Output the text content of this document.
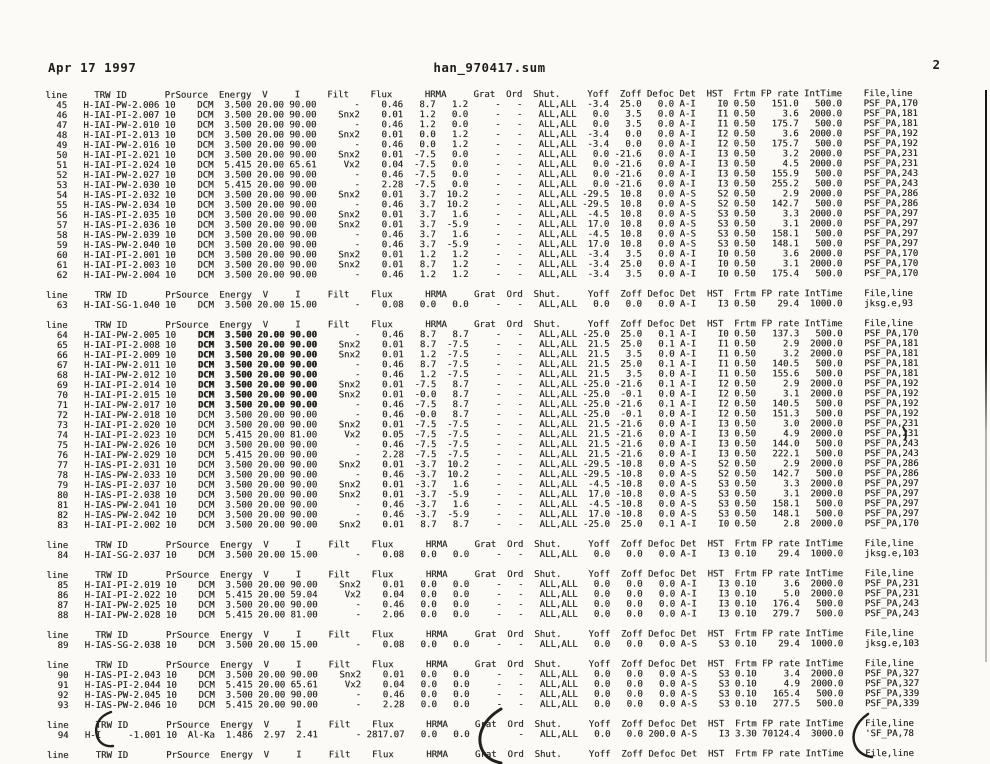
Apr 17 1997	han_970417.sum	2
line     TRW ID       PrSource  Energy  V     I     Filt    Flux      HRMA     Grat  Ord  Shut.     Yoff  Zoff Defoc Det  HST  Frtm FP rate IntTime    File,line
45   H-IAI-PW-2.006 10    DCM  3.500 20.00 90.00       -    0.46   8.7   1.2     -   -   ALL,ALL  -3.4  25.0   0.0 A-I    I0 0.50   151.0   500.0    PSF_PA,170
46   H-IAI-PI-2.007 10    DCM  3.500 20.00 90.00    Snx2    0.01   1.2   0.0     -   -   ALL,ALL   0.0   3.5   0.0 A-I    I1 0.50     3.6  2000.0    PSF_PA,181
47   H-IAI-PW-2.010 10    DCM  3.500 20.00 90.00       -    0.46   1.2   0.0     -   -   ALL,ALL   0.0   3.5   0.0 A-I    I1 0.50   175.7   500.0    PSF_PA,181
48   H-IAI-PI-2.013 10    DCM  3.500 20.00 90.00    Snx2    0.01   0.0   1.2     -   -   ALL,ALL  -3.4   0.0   0.0 A-I    I2 0.50     3.6  2000.0    PSF_PA,192
49   H-IAI-PW-2.016 10    DCM  3.500 20.00 90.00       -    0.46   0.0   1.2     -   -   ALL,ALL  -3.4   0.0   0.0 A-I    I2 0.50   175.7   500.0    PSF_PA,192
50   H-IAI-PI-2.021 10    DCM  3.500 20.00 90.00    Snx2    0.01  -7.5   0.0     -   -   ALL,ALL   0.0 -21.6   0.0 A-I    I3 0.50     3.2  2000.0    PSF_PA,231
51   H-IAI-PI-2.024 10    DCM  5.415 20.00 65.61     Vx2    0.04  -7.5   0.0     -   -   ALL,ALL   0.0 -21.6   0.0 A-I    I3 0.50     4.5  2000.0    PSF_PA,231
52   H-IAI-PW-2.027 10    DCM  3.500 20.00 90.00       -    0.46  -7.5   0.0     -   -   ALL,ALL   0.0 -21.6   0.0 A-I    I3 0.50   155.9   500.0    PSF_PA,243
53   H-IAI-PW-2.030 10    DCM  5.415 20.00 90.00       -    2.28  -7.5   0.0     -   -   ALL,ALL   0.0 -21.6   0.0 A-I    I3 0.50   255.2   500.0    PSF_PA,243
54   H-IAS-PI-2.032 10    DCM  3.500 20.00 90.00    Snx2    0.01   3.7  10.2     -   -   ALL,ALL -29.5  10.8   0.0 A-S    S2 0.50     2.9  2000.0    PSF_PA,286
55   H-IAS-PW-2.034 10    DCM  3.500 20.00 90.00       -    0.46   3.7  10.2     -   -   ALL,ALL -29.5  10.8   0.0 A-S    S2 0.50   142.7   500.0    PSF_PA,286
56   H-IAS-PI-2.035 10    DCM  3.500 20.00 90.00    Snx2    0.01   3.7   1.6     -   -   ALL,ALL  -4.5  10.8   0.0 A-S    S3 0.50     3.3  2000.0    PSF_PA,297
57   H-IAS-PI-2.036 10    DCM  3.500 20.00 90.00    Snx2    0.01   3.7  -5.9     -   -   ALL,ALL  17.0  10.8   0.0 A-S    S3 0.50     3.1  2000.0    PSF_PA,297
58   H-IAS-PW-2.039 10    DCM  3.500 20.00 90.00       -    0.46   3.7   1.6     -   -   ALL,ALL  -4.5  10.8   0.0 A-S    S3 0.50   158.1   500.0    PSF_PA,297
59   H-IAS-PW-2.040 10    DCM  3.500 20.00 90.00       -    0.46   3.7  -5.9     -   -   ALL,ALL  17.0  10.8   0.0 A-S    S3 0.50   148.1   500.0    PSF_PA,297
60   H-IAI-PI-2.001 10    DCM  3.500 20.00 90.00    Snx2    0.01   1.2   1.2     -   -   ALL,ALL  -3.4   3.5   0.0 A-I    I0 0.50     3.6  2000.0    PSF_PA,170
61   H-IAI-PI-2.003 10    DCM  3.500 20.00 90.00    Snx2    0.01   8.7   1.2     -   -   ALL,ALL  -3.4  25.0   0.0 A-I    I0 0.50     3.1  2000.0    PSF_PA,170
62   H-IAI-PW-2.004 10    DCM  3.500 20.00 90.00       -    0.46   1.2   1.2     -   -   ALL,ALL  -3.4   3.5   0.0 A-I    I0 0.50   175.4   500.0    PSF_PA,170

line     TRW ID       PrSource  Energy  V     I     Filt    Flux      HRMA     Grat  Ord  Shut.     Yoff  Zoff Defoc Det  HST  Frtm FP rate IntTime    File,line
63   H-IAI-SG-1.040 10    DCM  3.500 20.00 15.00       -    0.08   0.0   0.0     -   -   ALL,ALL   0.0   0.0   0.0 A-I    I3 0.50    29.4  1000.0    jksg.e,93

line     TRW ID       PrSource  Energy  V     I     Filt    Flux      HRMA     Grat  Ord  Shut.     Yoff  Zoff Defoc Det  HST  Frtm FP rate IntTime    File,line
64   H-IAI-PW-2.005 10    DCM  3.500 20.00 90.00       -    0.46   8.7   8.7     -   -   ALL,ALL -25.0  25.0   0.1 A-I    I0 0.50   137.3   500.0    PSF_PA,170
65   H-IAI-PI-2.008 10    DCM  3.500 20.00 90.00    Snx2    0.01   8.7  -7.5     -   -   ALL,ALL  21.5  25.0   0.1 A-I    I1 0.50     2.9  2000.0    PSF_PA,181
66   H-IAI-PI-2.009 10    DCM  3.500 20.00 90.00    Snx2    0.01   1.2  -7.5     -   -   ALL,ALL  21.5   3.5   0.0 A-I    I1 0.50     3.2  2000.0    PSF_PA,181
67   H-IAI-PW-2.011 10    DCM  3.500 20.00 90.00       -    0.46   8.7  -7.5     -   -   ALL,ALL  21.5  25.0   0.1 A-I    I1 0.50   140.5   500.0    PSF_PA,181
68   H-IAI-PW-2.012 10    DCM  3.500 20.00 90.00       -    0.46   1.2  -7.5     -   -   ALL,ALL  21.5   3.5   0.0 A-I    I1 0.50   155.6   500.0    PSF_PA,181
69   H-IAI-PI-2.014 10    DCM  3.500 20.00 90.00    Snx2    0.01  -7.5   8.7     -   -   ALL,ALL -25.0 -21.6   0.1 A-I    I2 0.50     2.9  2000.0    PSF_PA,192
70   H-IAI-PI-2.015 10    DCM  3.500 20.00 90.00    Snx2    0.01  -0.0   8.7     -   -   ALL,ALL -25.0  -0.1   0.0 A-I    I2 0.50     3.1  2000.0    PSF_PA,192
71   H-IAI-PW-2.017 10    DCM  3.500 20.00 90.00       -    0.46  -7.5   8.7     -   -   ALL,ALL -25.0 -21.6   0.1 A-I    I2 0.50   140.5   500.0    PSF_PA,192
72   H-IAI-PW-2.018 10    DCM  3.500 20.00 90.00       -    0.46  -0.0   8.7     -   -   ALL,ALL -25.0  -0.1   0.0 A-I    I2 0.50   151.3   500.0    PSF_PA,192
73   H-IAI-PI-2.020 10    DCM  3.500 20.00 90.00    Snx2    0.01  -7.5  -7.5     -   -   ALL,ALL  21.5 -21.6   0.0 A-I    I3 0.50     3.0  2000.0    PSF_PA,231
74   H-IAI-PI-2.023 10    DCM  5.415 20.00 81.00     Vx2    0.05  -7.5  -7.5     -   -   ALL,ALL  21.5 -21.6   0.0 A-I    I3 0.50     4.9  2000.0    PSF_PA,231
75   H-IAI-PW-2.026 10    DCM  3.500 20.00 90.00       -    0.46  -7.5  -7.5     -   -   ALL,ALL  21.5 -21.6   0.0 A-I    I3 0.50   144.0   500.0    PSF_PA,243
76   H-IAI-PW-2.029 10    DCM  5.415 20.00 90.00       -    2.28  -7.5  -7.5     -   -   ALL,ALL  21.5 -21.6   0.0 A-I    I3 0.50   222.1   500.0    PSF_PA,243
77   H-IAS-PI-2.031 10    DCM  3.500 20.00 90.00    Snx2    0.01  -3.7  10.2     -   -   ALL,ALL -29.5 -10.8   0.0 A-S    S2 0.50     2.9  2000.0    PSF_PA,286
78   H-IAS-PW-2.033 10    DCM  3.500 20.00 90.00       -    0.46  -3.7  10.2     -   -   ALL,ALL -29.5 -10.8   0.0 A-S    S2 0.50   142.7   500.0    PSF_PA,286
79   H-IAS-PI-2.037 10    DCM  3.500 20.00 90.00    Snx2    0.01  -3.7   1.6     -   -   ALL,ALL  -4.5 -10.8   0.0 A-S    S3 0.50     3.3  2000.0    PSF_PA,297
80   H-IAS-PI-2.038 10    DCM  3.500 20.00 90.00    Snx2    0.01  -3.7  -5.9     -   -   ALL,ALL  17.0 -10.8   0.0 A-S    S3 0.50     3.1  2000.0    PSF_PA,297
81   H-IAS-PW-2.041 10    DCM  3.500 20.00 90.00       -    0.46  -3.7   1.6     -   -   ALL,ALL  -4.5 -10.8   0.0 A-S    S3 0.50   158.1   500.0    PSF_PA,297
82   H-IAS-PW-2.042 10    DCM  3.500 20.00 90.00       -    0.46  -3.7  -5.9     -   -   ALL,ALL  17.0 -10.8   0.0 A-S    S3 0.50   148.1   500.0    PSF_PA,297
83   H-IAI-PI-2.002 10    DCM  3.500 20.00 90.00    Snx2    0.01   8.7   8.7     -   -   ALL,ALL -25.0  25.0   0.1 A-I    I0 0.50     2.8  2000.0    PSF_PA,170

line     TRW ID       PrSource  Energy  V     I     Filt    Flux      HRMA     Grat  Ord  Shut.     Yoff  Zoff Defoc Det  HST  Frtm FP rate IntTime    File,line
84   H-IAI-SG-2.037 10    DCM  3.500 20.00 15.00       -    0.08   0.0   0.0     -   -   ALL,ALL   0.0   0.0   0.0 A-I    I3 0.10    29.4  1000.0    jksg.e,103

line     TRW ID       PrSource  Energy  V     I     Filt    Flux      HRMA     Grat  Ord  Shut.     Yoff  Zoff Defoc Det  HST  Frtm FP rate IntTime    File,line
85   H-IAI-PI-2.019 10    DCM  3.500 20.00 90.00    Snx2    0.01   0.0   0.0     -   -   ALL,ALL   0.0   0.0   0.0 A-I    I3 0.10     3.6  2000.0    PSF_PA,231
86   H-IAI-PI-2.022 10    DCM  5.415 20.00 59.04     Vx2    0.04   0.0   0.0     -   -   ALL,ALL   0.0   0.0   0.0 A-I    I3 0.10     5.0  2000.0    PSF_PA,231
87   H-IAI-PW-2.025 10    DCM  3.500 20.00 90.00       -    0.46   0.0   0.0     -   -   ALL,ALL   0.0   0.0   0.0 A-I    I3 0.10   176.4   500.0    PSF_PA,243
88   H-IAI-PW-2.028 10    DCM  5.415 20.00 81.00       -    2.06   0.0   0.0     -   -   ALL,ALL   0.0   0.0   0.0 A-I    I3 0.10   279.7   500.0    PSF_PA,243

line     TRW ID       PrSource  Energy  V     I     Filt    Flux      HRMA     Grat  Ord  Shut.     Yoff  Zoff Defoc Det  HST  Frtm FP rate IntTime    File,line
89   H-IAS-SG-2.038 10    DCM  3.500 20.00 15.00       -    0.08   0.0   0.0     -   -   ALL,ALL   0.0   0.0   0.0 A-S    S3 0.10    29.4  1000.0    jksg.e,103

line     TRW ID       PrSource  Energy  V     I     Filt    Flux      HRMA     Grat  Ord  Shut.     Yoff  Zoff Defoc Det  HST  Frtm FP rate IntTime    File,line
90   H-IAS-PI-2.043 10    DCM  3.500 20.00 90.00    Snx2    0.01   0.0   0.0     -   -   ALL,ALL   0.0   0.0   0.0 A-S    S3 0.10     3.4  2000.0    PSF_PA,327
91   H-IAS-PI-2.044 10    DCM  5.415 20.00 65.61     Vx2    0.04   0.0   0.0     -   -   ALL,ALL   0.0   0.0   0.0 A-S    S3 0.10     4.9  2000.0    PSF_PA,327
92   H-IAS-PW-2.045 10    DCM  3.500 20.00 90.00       -    0.46   0.0   0.0     -   -   ALL,ALL   0.0   0.0   0.0 A-S    S3 0.10   165.4   500.0    PSF_PA,339
93   H-IAS-PW-2.046 10    DCM  5.415 20.00 90.00       -    2.28   0.0   0.0     -   -   ALL,ALL   0.0   0.0   0.0 A-S    S3 0.10   277.5   500.0    PSF_PA,339

line     TRW ID       PrSource  Energy  V     I     Filt    Flux      HRMA     Grat  Ord  Shut.     Yoff  Zoff Defoc Det  HST  Frtm FP rate IntTime    File,line
94   H-I     -1.001 10  Al-Ka  1.486  2.97  2.41       - 2817.07   0.0   0.0         -   ALL,ALL   0.0   0.0 200.0 A-S    I3 3.30 70124.4  3000.0    'SF_PA,78

line     TRW ID       PrSource  Energy  V     I     Filt    Flux      HRMA     Grat  Ord  Shut.     Yoff  Zoff Defoc Det  HST  Frtm FP rate IntTime    File,line
